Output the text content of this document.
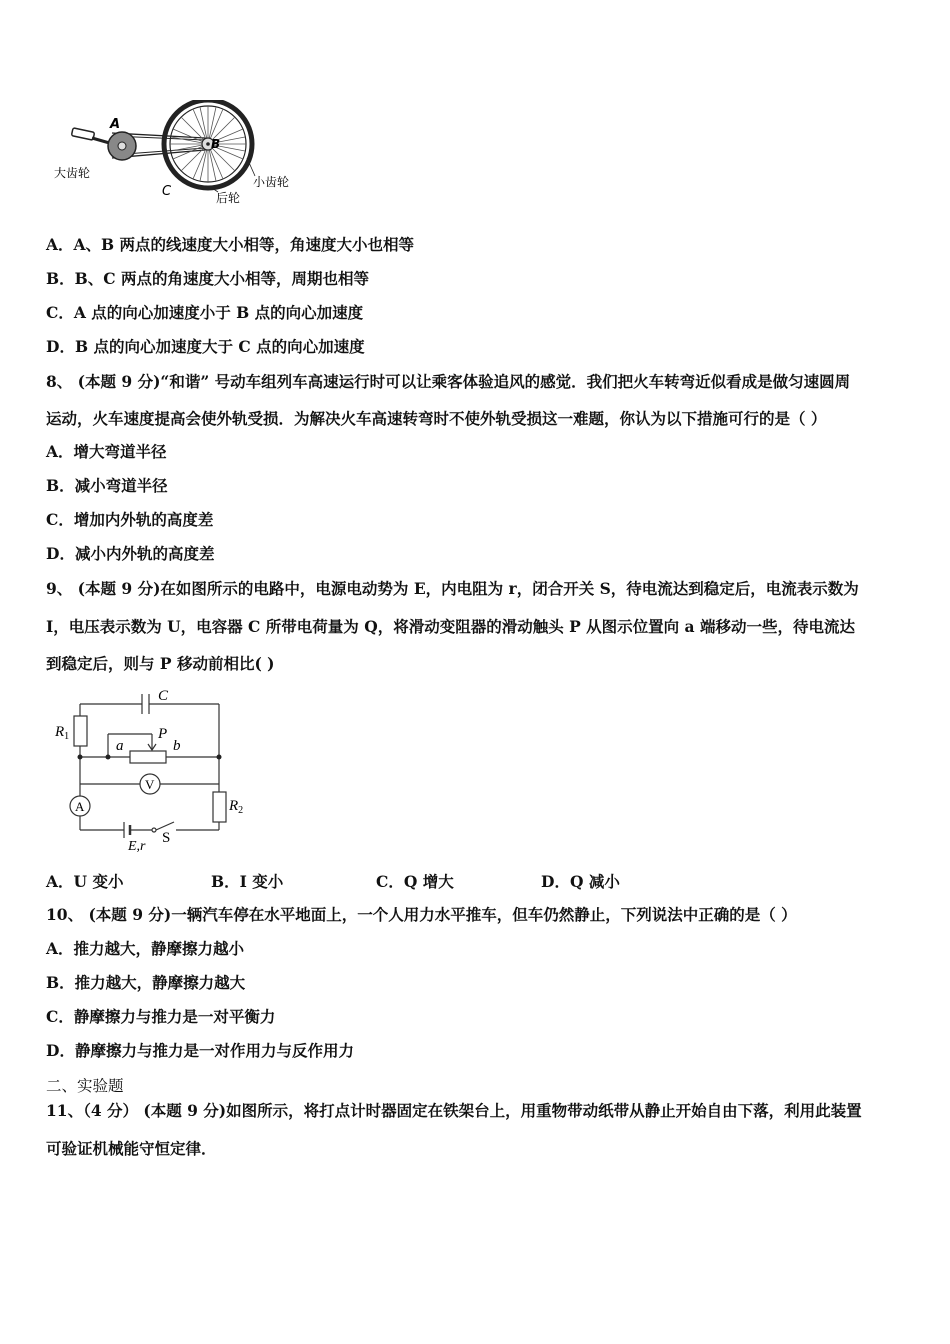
A
B
C
大齿轮
小齿轮
后轮
A．A、B 两点的线速度大小相等，角速度大小也相等
B．B、C 两点的角速度大小相等，周期也相等
C．A 点的向心加速度小于 B 点的向心加速度
D．B 点的向心加速度大于 C 点的向心加速度
8、 (本题 9 分)“和谐” 号动车组列车高速运行时可以让乘客体验追风的感觉．我们把火车转弯近似看成是做匀速圆周
运动，火车速度提高会使外轨受损．为解决火车高速转弯时不使外轨受损这一难题，你认为以下措施可行的是（ ）
A．增大弯道半径
B．减小弯道半径
C．增加内外轨的高度差
D．减小内外轨的高度差
9、 (本题 9 分)在如图所示的电路中，电源电动势为 E，内电阻为 r，闭合开关 S，待电流达到稳定后，电流表示数为
I，电压表示数为 U，电容器 C 所带电荷量为 Q，将滑动变阻器的滑动触头 P 从图示位置向 a 端移动一些，待电流达
到稳定后，则与 P 移动前相比( )
C
$R_1$
a
P
b
V
A	$R_2$
E,r
S
A．U 变小	B．I 变小	C．Q 增大	D．Q 减小
10、 (本题 9 分)一辆汽车停在水平地面上，一个人用力水平推车，但车仍然静止，下列说法中正确的是（ ）
A．推力越大，静摩擦力越小
B．推力越大，静摩擦力越大
C．静摩擦力与推力是一对平衡力
D．静摩擦力与推力是一对作用力与反作用力
二、实验题
11、（4 分） (本题 9 分)如图所示，将打点计时器固定在铁架台上，用重物带动纸带从静止开始自由下落，利用此装置
可验证机械能守恒定律．
